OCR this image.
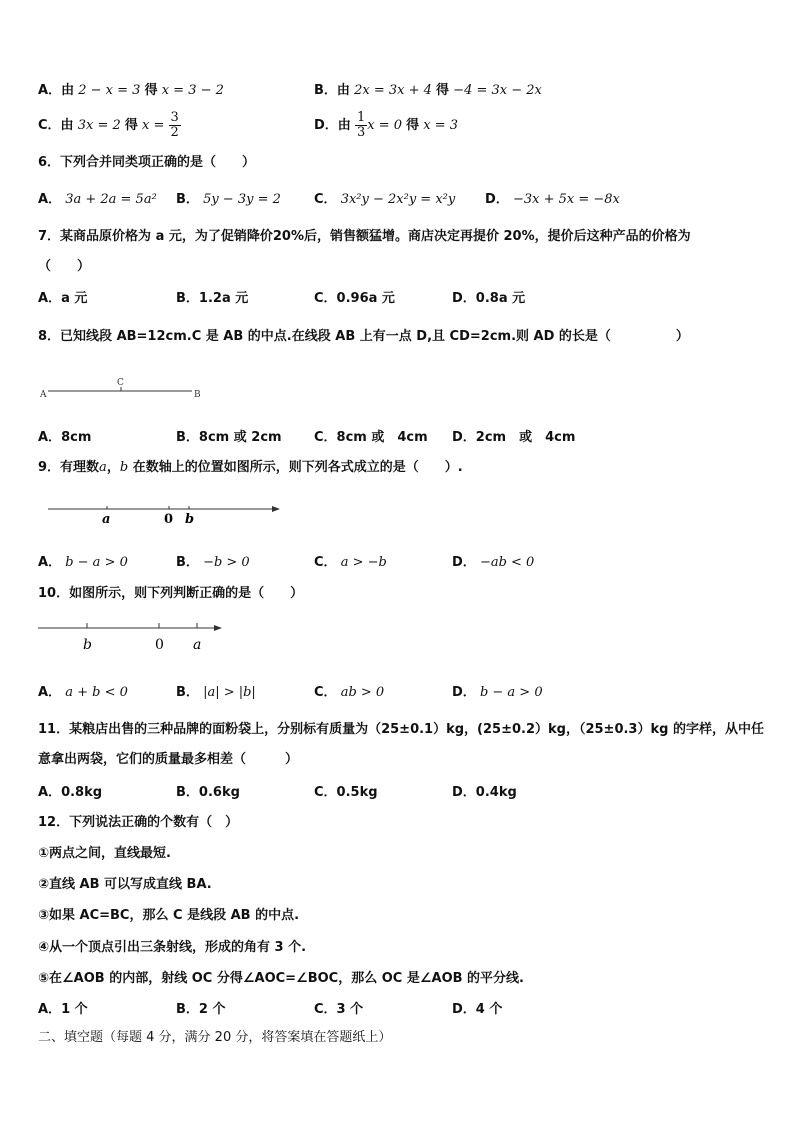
A．由 2 − x = 3 得 x = 3 − 2	B．由 2x = 3x + 4 得 −4 = 3x − 2x
C．由 3x = 2 得 $x = \frac{3}{2}$	D．由 $\frac{1}{3}$ x = 0 得 x = 3
6．下列合并同类项正确的是（　　）
A． 3a + 2a = 5a² B． 5y − 3y = 2	C． 3x²y − 2x²y = x²y D． −3x + 5x = −8x
7．某商品原价格为 a 元，为了促销降价20%后，销售额猛增。商店决定再提价 20%，提价后这种产品的价格为
（　　）
A．a 元	B．1.2a 元	C．0.96a 元	D．0.8a 元
8．已知线段 AB=12cm.C 是 AB 的中点.在线段 AB 上有一点 D,且 CD=2cm.则 AD 的长是（　　　　　）
A
C
B
A．8cm	B．8cm 或 2cm C．8cm 或　4cm D．2cm　或　4cm
9．有理数a，b 在数轴上的位置如图所示，则下列各式成立的是（　　）.
a	0 b
A． b − a > 0	B． −b > 0	C． a > −b	D． −ab < 0
10．如图所示，则下列判断正确的是（　　）
b	0 a
A． a + b < 0	B． |a| > |b|	C． ab > 0	D． b − a > 0
11．某粮店出售的三种品牌的面粉袋上，分别标有质量为（25±0.1）kg，(25±0.2）kg，（25±0.3）kg 的字样，从中任
意拿出两袋，它们的质量最多相差（　　　）
A．0.8kg	B．0.6kg	C．0.5kg	D．0.4kg
12．下列说法正确的个数有（　）
①两点之间，直线最短.
②直线 AB 可以写成直线 BA.
③如果 AC=BC，那么 C 是线段 AB 的中点.
④从一个顶点引出三条射线，形成的角有 3 个.
⑤在∠AOB 的内部，射线 OC 分得∠AOC=∠BOC，那么 OC 是∠AOB 的平分线.
A．1 个	B．2 个	C．3 个	D．4 个
二、填空题（每题 4 分，满分 20 分，将答案填在答题纸上）
